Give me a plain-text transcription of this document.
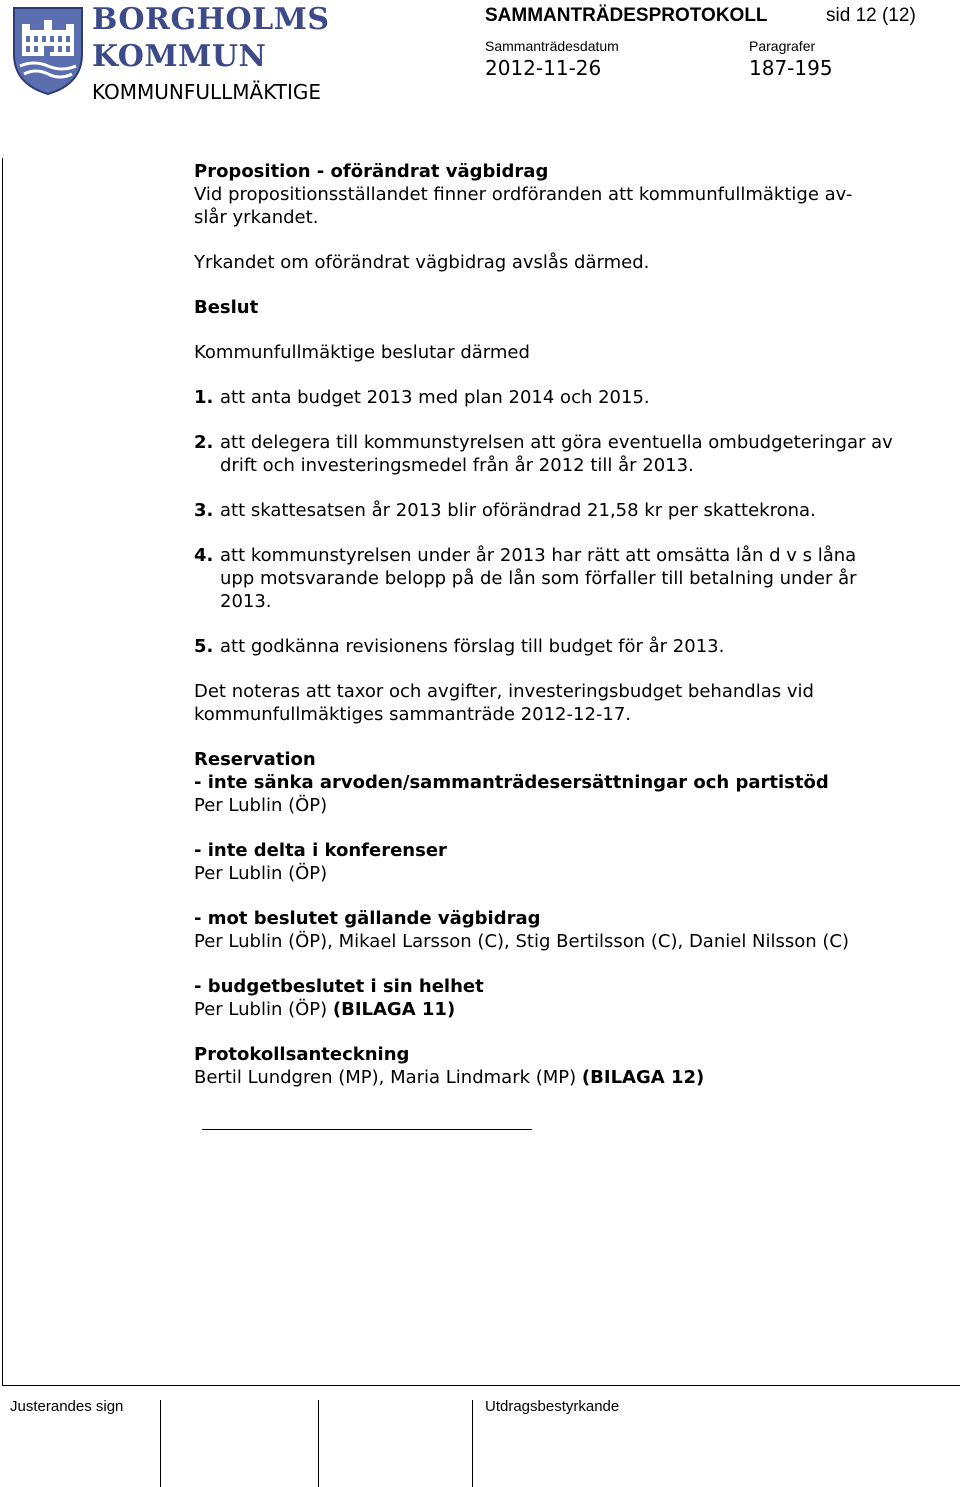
BORGHOLMS
KOMMUN
KOMMUNFULLMÄKTIGE
SAMMANTRÄDESPROTOKOLL	sid 12 (12)
Sammanträdesdatum	Paragrafer
2012-11-26	187-195

Proposition - oförändrat vägbidrag

Vid propositionsställandet finner ordföranden att kommunfullmäktige av-

slår yrkandet.

Yrkandet om oförändrat vägbidrag avslås därmed.

Beslut

Kommunfullmäktige beslutar därmed

1. att anta budget 2013 med plan 2014 och 2015.
2. att delegera till kommunstyrelsen att göra eventuella ombudgeteringar av drift och investeringsmedel från år 2012 till år 2013.
3. att skattesatsen år 2013 blir oförändrad 21,58 kr per skattekrona.
4. att kommunstyrelsen under år 2013 har rätt att omsätta lån d v s låna upp motsvarande belopp på de lån som förfaller till betalning under år 2013.
5. att godkänna revisionens förslag till budget för år 2013.

Det noteras att taxor och avgifter, investeringsbudget behandlas vid kommunfullmäktiges sammanträde 2012-12-17.

Reservation

- inte sänka arvoden/sammanträdesersättningar och partistöd

Per Lublin (ÖP)

- inte delta i konferenser

Per Lublin (ÖP)

- mot beslutet gällande vägbidrag

Per Lublin (ÖP), Mikael Larsson (C), Stig Bertilsson (C), Daniel Nilsson (C)

- budgetbeslutet i sin helhet

Per Lublin (ÖP) (BILAGA 11)

Protokollsanteckning

Bertil Lundgren (MP), Maria Lindmark (MP) (BILAGA 12)

Justerandes sign	Utdragsbestyrkande
